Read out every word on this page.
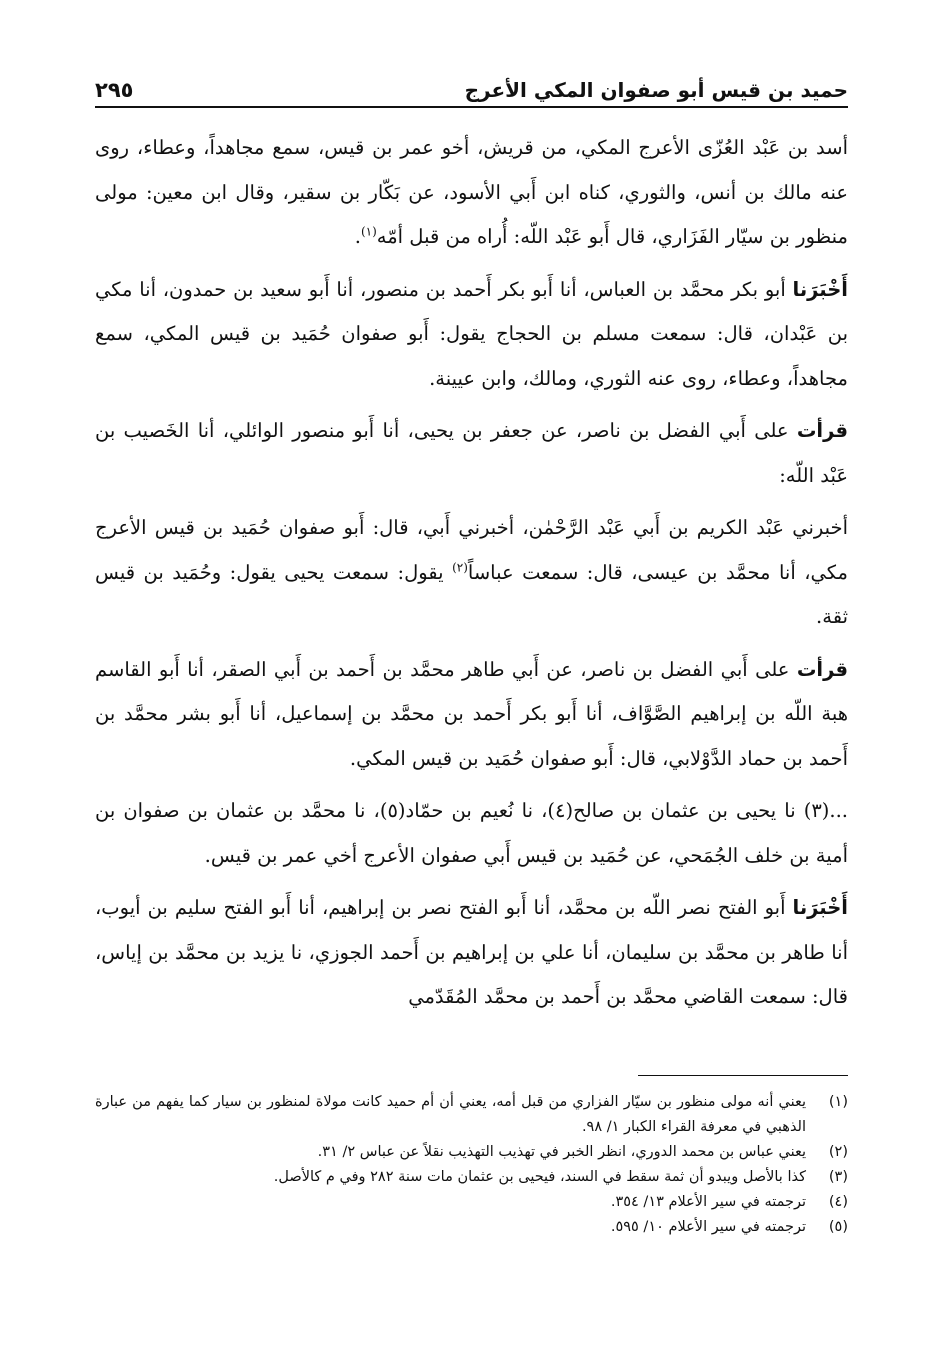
حميد بن قيس أبو صفوان المكي الأعرج
٢٩٥

أسد بن عَبْد العُزّى الأعرج المكي، من قريش، أخو عمر بن قيس، سمع مجاهداً، وعطاء، روى عنه مالك بن أنس، والثوري، كناه ابن أَبي الأسود، عن بَكّار بن سقير، وقال ابن معين: مولى منظور بن سيّار الفَزَاري، قال أَبو عَبْد اللّه: أُراه من قبل أمّه$^{(١)}$.

أَخْبَرَنا أبو بكر محمَّد بن العباس، أنا أَبو بكر أَحمد بن منصور، أنا أَبو سعيد بن حمدون، أنا مكي بن عَبْدان، قال: سمعت مسلم بن الحجاج يقول: أَبو صفوان حُمَيد بن قيس المكي، سمع مجاهداً، وعطاء، روى عنه الثوري، ومالك، وابن عيينة.

قرأت على أَبي الفضل بن ناصر، عن جعفر بن يحيى، أنا أَبو منصور الوائلي، أنا الخَصيب بن عَبْد اللّه:

أخبرني عَبْد الكريم بن أَبي عَبْد الرَّحْمٰن، أخبرني أَبي، قال: أَبو صفوان حُمَيد بن قيس الأعرج مكي، أنا محمَّد بن عيسى، قال: سمعت عباساً$^{(٢)}$ يقول: سمعت يحيى يقول: وحُمَيد بن قيس ثقة.

قرأت على أَبي الفضل بن ناصر، عن أَبي طاهر محمَّد بن أَحمد بن أَبي الصقر، أنا أَبو القاسم هبة اللّه بن إبراهيم الصَّوَّاف، أنا أَبو بكر أَحمد بن محمَّد بن إسماعيل، أنا أَبو بشر محمَّد بن أَحمد بن حماد الدَّوْلابي، قال: أَبو صفوان حُمَيد بن قيس المكي.

...(٣) نا يحيى بن عثمان بن صالح(٤)، نا نُعيم بن حمّاد(٥)، نا محمَّد بن عثمان بن صفوان بن أمية بن خلف الجُمَحي، عن حُمَيد بن قيس أَبي صفوان الأعرج أخي عمر بن قيس.

أَخْبَرَنا أَبو الفتح نصر اللّه بن محمَّد، أنا أَبو الفتح نصر بن إبراهيم، أنا أَبو الفتح سليم بن أيوب، أنا طاهر بن محمَّد بن سليمان، أنا علي بن إبراهيم بن أَحمد الجوزي، نا يزيد بن محمَّد بن إياس، قال: سمعت القاضي محمَّد بن أَحمد بن محمَّد المُقَدّمي

(١)
يعني أنه مولى منظور بن سيّار الفزاري من قبل أمه، يعني أن أم حميد كانت مولاة لمنظور بن سيار كما يفهم من عبارة الذهبي في معرفة القراء الكبار ١/ ٩٨.
(٢)
يعني عباس بن محمد الدوري، انظر الخبر في تهذيب التهذيب نقلاً عن عباس ٢/ ٣١.
(٣)
كذا بالأصل ويبدو أن ثمة سقط في السند، فيحيى بن عثمان مات سنة ٢٨٢ وفي م كالأصل.
(٤)
ترجمته في سير الأعلام ١٣/ ٣٥٤.
(٥)
ترجمته في سير الأعلام ١٠/ ٥٩٥.
